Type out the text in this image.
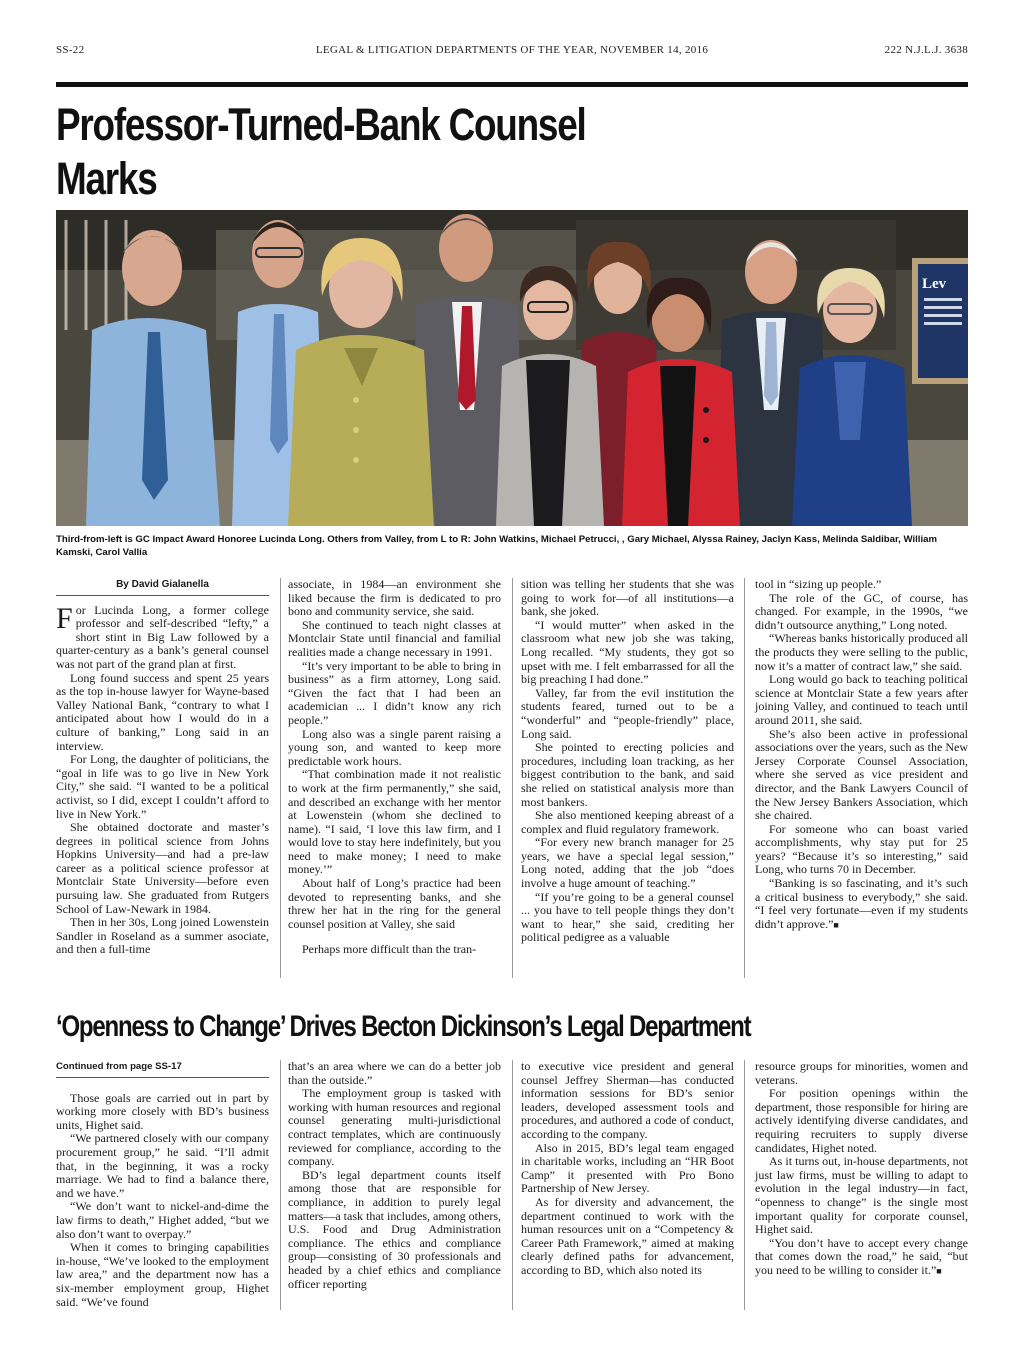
SS-22	LEGAL & LITIGATION DEPARTMENTS OF THE YEAR, NOVEMBER 14, 2016	222 N.J.L.J. 3638
Professor-Turned-Bank Counsel Marks

Lev
Third-from-left is GC Impact Award Honoree Lucinda Long. Others from Valley, from L to R: John Watkins, Michael Petrucci, , Gary Michael, Alyssa Rainey, Jaclyn Kass, Melinda Saldibar, William Kamski, Carol Vallia
By David Gialanella

For Lucinda Long, a former college professor and self-described “lefty,” a short stint in Big Law followed by a quarter-century as a bank’s general counsel was not part of the grand plan at first.

Long found success and spent 25 years as the top in-house lawyer for Wayne-based Valley National Bank, “contrary to what I anticipated about how I would do in a culture of banking,” Long said in an interview.

For Long, the daughter of politicians, the “goal in life was to go live in New York City,” she said. “I wanted to be a political activist, so I did, except I couldn’t afford to live in New York.”

She obtained doctorate and master’s degrees in political science from Johns Hopkins University—and had a pre-law career as a political science professor at Montclair State University—before even pursuing law. She graduated from Rutgers School of Law-Newark in 1984.

Then in her 30s, Long joined Lowenstein Sandler in Roseland as a summer asociate, and then a full-time

associate, in 1984—an environment she liked because the firm is dedicated to pro bono and community service, she said.

She continued to teach night classes at Montclair State until financial and familial realities made a change necessary in 1991.

“It’s very important to be able to bring in business” as a firm attorney, Long said. “Given the fact that I had been an academician ... I didn’t know any rich people.”

Long also was a single parent raising a young son, and wanted to keep more predictable work hours.

“That combination made it not realistic to work at the firm permanently,” she said, and described an exchange with her mentor at Lowenstein (whom she declined to name). “I said, ‘I love this law firm, and I would love to stay here indefinitely, but you need to make money; I need to make money.’”

About half of Long’s practice had been devoted to representing banks, and she threw her hat in the ring for the general counsel position at Valley, she said

Perhaps more difficult than the tran-

sition was telling her students that she was going to work for—of all institutions—a bank, she joked.

“I would mutter” when asked in the classroom what new job she was taking, Long recalled. “My students, they got so upset with me. I felt embarrassed for all the big preaching I had done.”

Valley, far from the evil institution the students feared, turned out to be a “wonderful” and “people-friendly” place, Long said.

She pointed to erecting policies and procedures, including loan tracking, as her biggest contribution to the bank, and said she relied on statistical analysis more than most bankers.

She also mentioned keeping abreast of a complex and fluid regulatory framework.

“For every new branch manager for 25 years, we have a special legal session,” Long noted, adding that the job “does involve a huge amount of teaching.”

“If you’re going to be a general counsel ... you have to tell people things they don’t want to hear,” she said, crediting her political pedigree as a valuable

tool in “sizing up people.”

The role of the GC, of course, has changed. For example, in the 1990s, “we didn’t outsource anything,” Long noted.

“Whereas banks historically produced all the products they were selling to the public, now it’s a matter of contract law,” she said.

Long would go back to teaching political science at Montclair State a few years after joining Valley, and continued to teach until around 2011, she said.

She’s also been active in professional associations over the years, such as the New Jersey Corporate Counsel Association, where she served as vice president and director, and the Bank Lawyers Council of the New Jersey Bankers Association, which she chaired.

For someone who can boast varied accomplishments, why stay put for 25 years? “Because it’s so interesting,” said Long, who turns 70 in December.

“Banking is so fascinating, and it’s such a critical business to everybody,” she said. “I feel very fortunate—even if my students didn’t approve.”■

‘Openness to Change’ Drives Becton Dickinson’s Legal Department
Continued from page SS-17

Those goals are carried out in part by working more closely with BD’s business units, Highet said.

“We partnered closely with our company procurement group,” he said. “I’ll admit that, in the beginning, it was a rocky marriage. We had to find a balance there, and we have.”

“We don’t want to nickel-and-dime the law firms to death,” Highet added, “but we also don’t want to overpay.”

When it comes to bringing capabilities in-house, “We’ve looked to the employment law area,” and the department now has a six-member employment group, Highet said. “We’ve found

that’s an area where we can do a better job than the outside.”

The employment group is tasked with working with human resources and regional counsel generating multi-jurisdictional contract templates, which are continuously reviewed for compliance, according to the company.

BD’s legal department counts itself among those that are responsible for compliance, in addition to purely legal matters—a task that includes, among others, U.S. Food and Drug Administration compliance. The ethics and compliance group—consisting of 30 professionals and headed by a chief ethics and compliance officer reporting

to executive vice president and general counsel Jeffrey Sherman—has conducted information sessions for BD’s senior leaders, developed assessment tools and procedures, and authored a code of conduct, according to the company.

Also in 2015, BD’s legal team engaged in charitable works, including an “HR Boot Camp” it presented with Pro Bono Partnership of New Jersey.

As for diversity and advancement, the department continued to work with the human resources unit on a “Competency & Career Path Framework,” aimed at making clearly defined paths for advancement, according to BD, which also noted its

resource groups for minorities, women and veterans.

For position openings within the department, those responsible for hiring are actively identifying diverse candidates, and requiring recruiters to supply diverse candidates, Highet noted.

As it turns out, in-house departments, not just law firms, must be willing to adapt to evolution in the legal industry—in fact, “openness to change” is the single most important quality for corporate counsel, Highet said.

“You don’t have to accept every change that comes down the road,” he said, “but you need to be willing to consider it.”■
